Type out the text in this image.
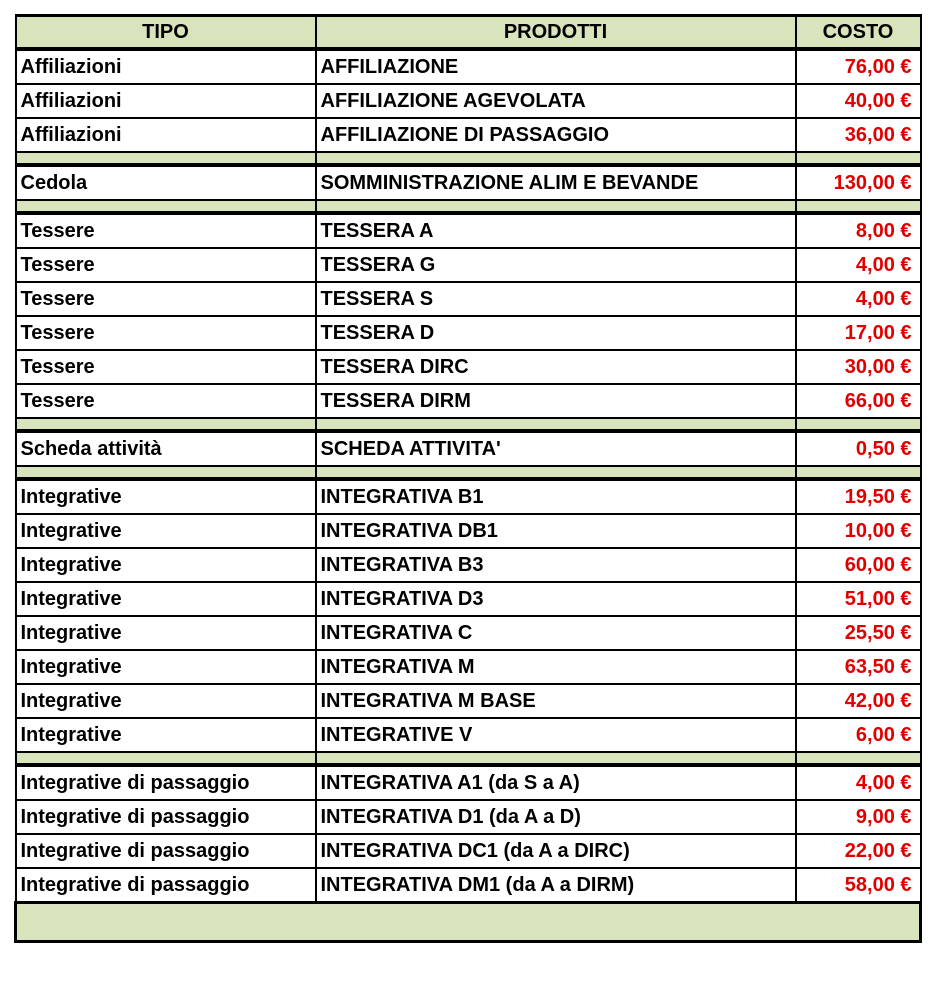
TIPO	PRODOTTI	COSTO
Affiliazioni	AFFILIAZIONE	76,00 €
Affiliazioni	AFFILIAZIONE AGEVOLATA	40,00 €
Affiliazioni	AFFILIAZIONE DI PASSAGGIO	36,00 €

Cedola	SOMMINISTRAZIONE ALIM E BEVANDE	130,00 €

Tessere	TESSERA A	8,00 €
Tessere	TESSERA G	4,00 €
Tessere	TESSERA S	4,00 €
Tessere	TESSERA D	17,00 €
Tessere	TESSERA DIRC	30,00 €
Tessere	TESSERA DIRM	66,00 €

Scheda attività	SCHEDA ATTIVITA'	0,50 €

Integrative	INTEGRATIVA B1	19,50 €
Integrative	INTEGRATIVA DB1	10,00 €
Integrative	INTEGRATIVA B3	60,00 €
Integrative	INTEGRATIVA D3	51,00 €
Integrative	INTEGRATIVA C	25,50 €
Integrative	INTEGRATIVA M	63,50 €
Integrative	INTEGRATIVA M BASE	42,00 €
Integrative	INTEGRATIVE V	6,00 €

Integrative di passaggio	INTEGRATIVA A1 (da S a A)	4,00 €
Integrative di passaggio	INTEGRATIVA D1 (da A a D)	9,00 €
Integrative di passaggio	INTEGRATIVA DC1 (da A a DIRC)	22,00 €
Integrative di passaggio	INTEGRATIVA DM1 (da A a DIRM)	58,00 €
